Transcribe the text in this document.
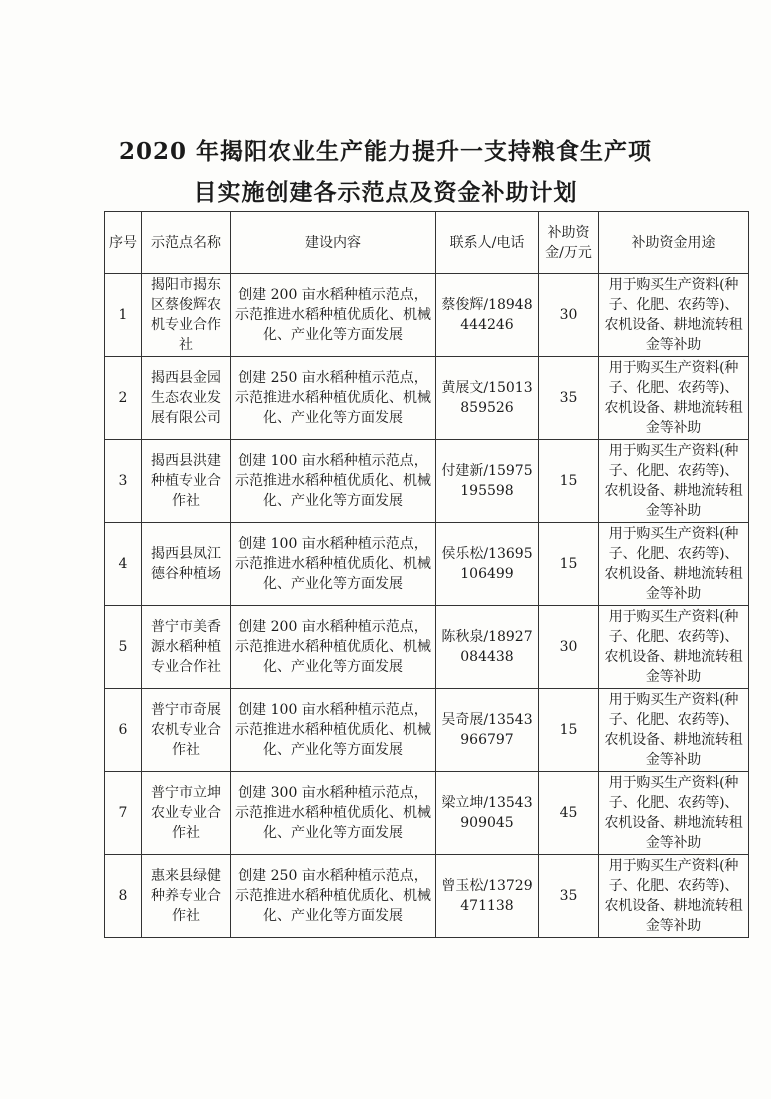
2020 年揭阳农业生产能力提升一支持粮食生产项
目实施创建各示范点及资金补助计划
序号	示范点名称	建设内容	联系人/电话	补助资金/万元	补助资金用途
1	揭阳市揭东区蔡俊辉农机专业合作社	创建 200 亩水稻种植示范点，示范推进水稻种植优质化、机械化、产业化等方面发展	蔡俊辉/18948444246	30	用于购买生产资料(种子、化肥、农药等)、农机设备、耕地流转租金等补助
2	揭西县金园生态农业发展有限公司	创建 250 亩水稻种植示范点，示范推进水稻种植优质化、机械化、产业化等方面发展	黄展文/15013859526	35	用于购买生产资料(种子、化肥、农药等)、农机设备、耕地流转租金等补助
3	揭西县洪建种植专业合作社	创建 100 亩水稻种植示范点，示范推进水稻种植优质化、机械化、产业化等方面发展	付建新/15975195598	15	用于购买生产资料(种子、化肥、农药等)、农机设备、耕地流转租金等补助
4	揭西县凤江德谷种植场	创建 100 亩水稻种植示范点，示范推进水稻种植优质化、机械化、产业化等方面发展	侯乐松/13695106499	15	用于购买生产资料(种子、化肥、农药等)、农机设备、耕地流转租金等补助
5	普宁市美香源水稻种植专业合作社	创建 200 亩水稻种植示范点，示范推进水稻种植优质化、机械化、产业化等方面发展	陈秋泉/18927084438	30	用于购买生产资料(种子、化肥、农药等)、农机设备、耕地流转租金等补助
6	普宁市奇展农机专业合作社	创建 100 亩水稻种植示范点，示范推进水稻种植优质化、机械化、产业化等方面发展	吴奇展/13543966797	15	用于购买生产资料(种子、化肥、农药等)、农机设备、耕地流转租金等补助
7	普宁市立坤农业专业合作社	创建 300 亩水稻种植示范点，示范推进水稻种植优质化、机械化、产业化等方面发展	梁立坤/13543909045	45	用于购买生产资料(种子、化肥、农药等)、农机设备、耕地流转租金等补助
8	惠来县绿健种养专业合作社	创建 250 亩水稻种植示范点，示范推进水稻种植优质化、机械化、产业化等方面发展	曾玉松/13729471138	35	用于购买生产资料(种子、化肥、农药等)、农机设备、耕地流转租金等补助
